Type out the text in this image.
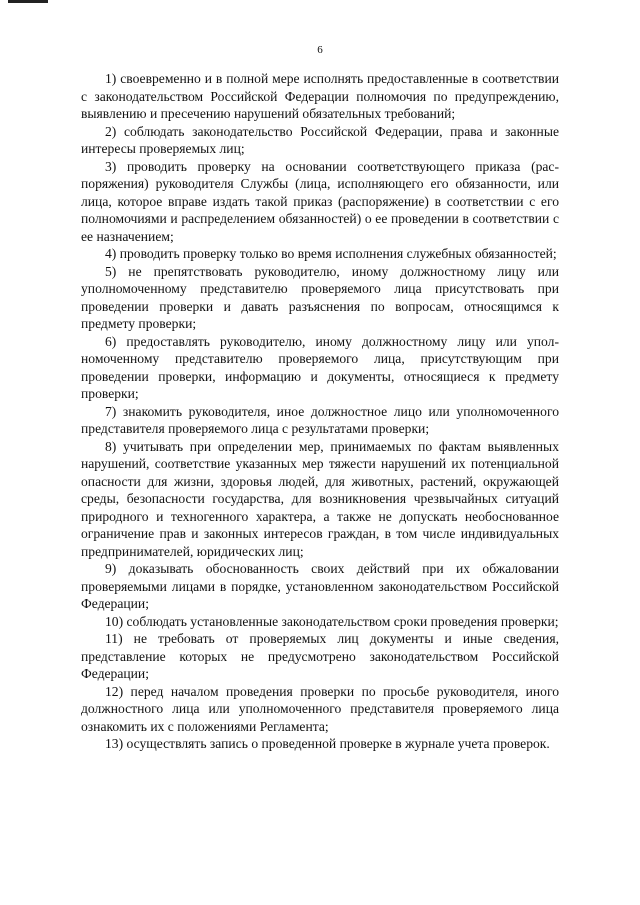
6

1) своевременно и в полной мере исполнять предоставленные в соответствии с законодательством Российской Федерации полномочия по предупреждению, выявлению и пресечению нарушений обязательных требований;

2) соблюдать законодательство Российской Федерации, права и законные интересы проверяемых лиц;

3) проводить проверку на основании соответствующего приказа (распоряжения) руководителя Службы (лица, исполняющего его обязанности, или лица, которое вправе издать такой приказ (распоряжение) в соответствии с его полномочиями и распределением обязанностей) о ее проведении в соответствии с ее назначением;

4) проводить проверку только во время исполнения служебных обязанностей;

5) не препятствовать руководителю, иному должностному лицу или уполномоченному представителю проверяемого лица присутствовать при проведении проверки и давать разъяснения по вопросам, относящимся к предмету проверки;

6) предоставлять руководителю, иному должностному лицу или уполномоченному представителю проверяемого лица, присутствующим при проведении проверки, информацию и документы, относящиеся к предмету проверки;

7) знакомить руководителя, иное должностное лицо или уполномоченного представителя проверяемого лица с результатами проверки;

8) учитывать при определении мер, принимаемых по фактам выявленных нарушений, соответствие указанных мер тяжести нарушений их потенциальной опасности для жизни, здоровья людей, для животных, растений, окружающей среды, безопасности государства, для возникновения чрезвычайных ситуаций природного и техногенного характера, а также не допускать необоснованное ограничение прав и законных интересов граждан, в том числе индивидуальных предпринимателей, юридических лиц;

9) доказывать обоснованность своих действий при их обжаловании проверяемыми лицами в порядке, установленном законодательством Российской Федерации;

10) соблюдать установленные законодательством сроки проведения проверки;

11) не требовать от проверяемых лиц документы и иные сведения, представление которых не предусмотрено законодательством Российской Федерации;

12) перед началом проведения проверки по просьбе руководителя, иного должностного лица или уполномоченного представителя проверяемого лица ознакомить их с положениями Регламента;

13) осуществлять запись о проведенной проверке в журнале учета проверок.
